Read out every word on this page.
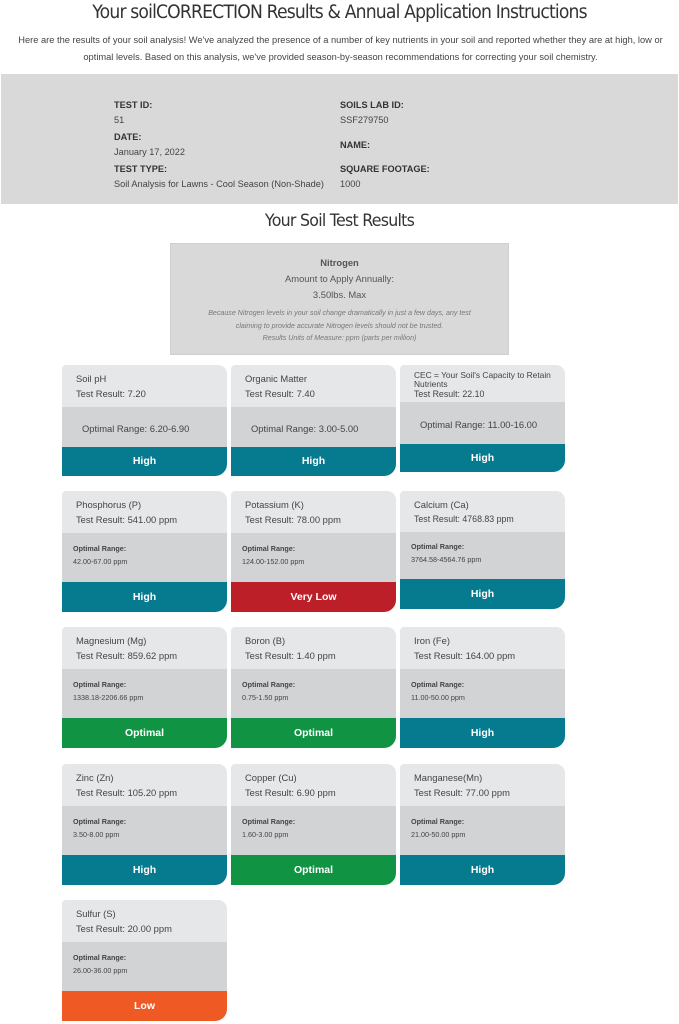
Your soilCORRECTION Results & Annual Application Instructions
Here are the results of your soil analysis! We've analyzed the presence of a number of key nutrients in your soil and reported whether they are at high, low or optimal levels. Based on this analysis, we've provided season-by-season recommendations for correcting your soil chemistry.
TEST ID:
51
SOILS LAB ID:
SSF279750
DATE:
January 17, 2022
NAME:
TEST TYPE:
Soil Analysis for Lawns - Cool Season (Non-Shade)
SQUARE FOOTAGE:
1000
Your Soil Test Results
Nitrogen
Amount to Apply Annually:
3.50lbs. Max
Because Nitrogen levels in your soil change dramatically in just a few days, any test
claiming to provide accurate Nitrogen levels should not be trusted.
Results Units of Measure: ppm (parts per million)
High
Soil pH
Test Result: 7.20
Optimal Range: 6.20-6.90
High
Organic Matter
Test Result: 7.40
Optimal Range: 3.00-5.00
High
CEC = Your Soil's Capacity to Retain Nutrients
Test Result: 22.10
Optimal Range: 11.00-16.00
High
Phosphorus (P)
Test Result: 541.00 ppm
Optimal Range:
42.00-67.00 ppm
Very Low
Potassium (K)
Test Result: 78.00 ppm
Optimal Range:
124.00-152.00 ppm
High
Calcium (Ca)
Test Result: 4768.83 ppm
Optimal Range:
3764.58-4564.76 ppm
Optimal
Magnesium (Mg)
Test Result: 859.62 ppm
Optimal Range:
1338.18-2206.66 ppm
Optimal
Boron (B)
Test Result: 1.40 ppm
Optimal Range:
0.75-1.50 ppm
High
Iron (Fe)
Test Result: 164.00 ppm
Optimal Range:
11.00-50.00 ppm
High
Zinc (Zn)
Test Result: 105.20 ppm
Optimal Range:
3.50-8.00 ppm
Optimal
Copper (Cu)
Test Result: 6.90 ppm
Optimal Range:
1.60-3.00 ppm
High
Manganese(Mn)
Test Result: 77.00 ppm
Optimal Range:
21.00-50.00 ppm
Low
Sulfur (S)
Test Result: 20.00 ppm
Optimal Range:
26.00-36.00 ppm
